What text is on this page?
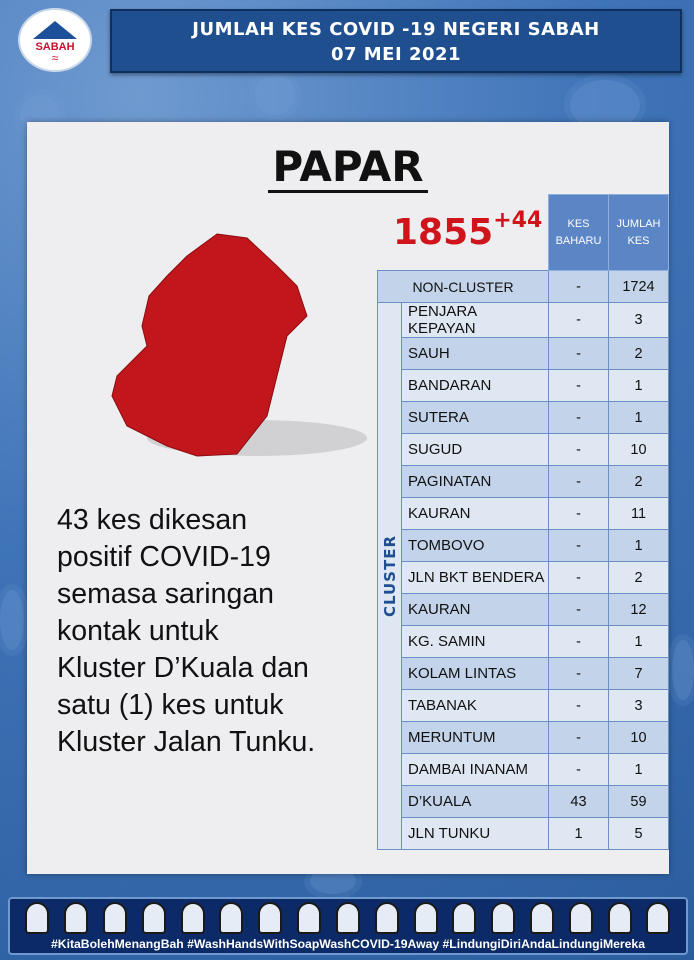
SABAH
≈
JUMLAH KES COVID -19 NEGERI SABAH
07 MEI 2021
PAPAR
$1855^{+44}$
43 kes dikesan
positif COVID-19
semasa saringan
kontak untuk
Kluster D’Kuala dan
satu (1) kes untuk
Kluster Jalan Tunku.
		KES
BAHARU	JUMLAH
KES
NON-CLUSTER		-	1724

CLUSTER	PENJARA KEPAYAN	-	3
	SAUH	-	2
	BANDARAN	-	1
	SUTERA	-	1
	SUGUD	-	10
	PAGINATAN	-	2
	KAURAN	-	11
	TOMBOVO	-	1
	JLN BKT BENDERA	-	2
	KAURAN	-	12
	KG. SAMIN	-	1
	KOLAM LINTAS	-	7
	TABANAK	-	3
	MERUNTUM	-	10
	DAMBAI INANAM	-	1
	D’KUALA	43	59
	JLN TUNKU	1	5
#KitaBolehMenangBah #WashHandsWithSoapWashCOVID-19Away #LindungiDiriAndaLindungiMereka
